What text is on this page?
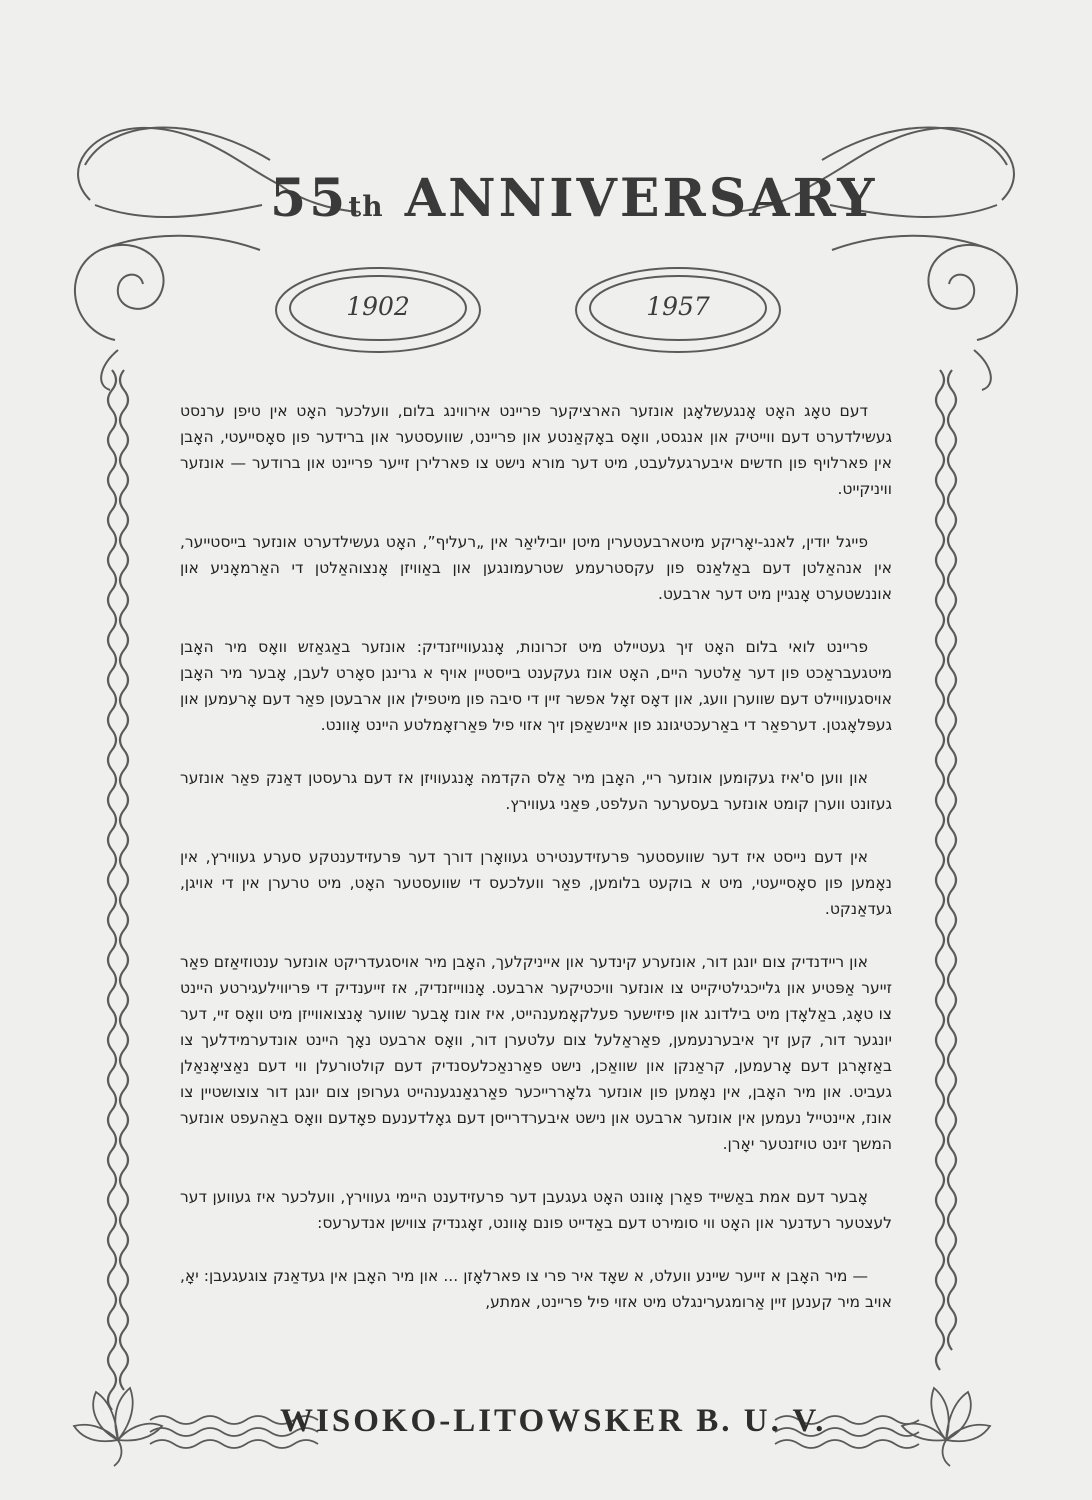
55th ANNIVERSARY
1902	1957

דעם טאָג האָט אָנגעשלאָגן אונזער הארציקער פריינט אירווינג בלום, וועלכער האָט אין טיפן ערנסט געשילדערט דעם ווייטיק און אנגסט, וואָס באָקאַנטע און פריינט, שוועסטער און ברידער פון סאָסייעטי, האָבן אין פארלויף פון חדשים איבערגעלעבט, מיט דער מורא נישט צו פארלירן זייער פריינט און ברודער — אונזער וויניקייט.

פייגל יודין, לאנג-יאָריקע מיטארבעטערין מיטן יוביליאַר אין „רעליף”, האָט געשילדערט אונזער בייסטייער, אין אנהאַלטן דעם באַלאַנס פון עקסטרעמע שטרעמונגען און באַוויזן אָנצוהאַלטן די האַרמאָניע און אוננשטערט אָנגיין מיט דער ארבעט.

פריינט לואי בלום האָט זיך געטיילט מיט זכרונות, אָנגעווייזנדיק: אונזער באַגאַזש וואָס מיר האָבן מיטגעבראַכט פון דער אַלטער היים, האָט אונז געקענט בייסטיין אויף א גרינגן סאָרט לעבן, אָבער מיר האָבן אויסגעוויילט דעם שווערן וועג, און דאָס זאָל אפשר זיין די סיבה פון מיטפילן און ארבעטן פאַר דעם אָרעמען און געפּלאָגטן. דערפאַר די באַרעכטיגונג פון איינשאַפן זיך אזוי פיל פּאַרזאָמלטע היינט אָוונט.

און ווען ס'איז געקומען אונזער ריי, האָבן מיר אַלס הקדמה אָנגעוויזן אז דעם גרעסטן דאַנק פאַר אונזער געזונט ווערן קומט אונזער בעסערער העלפט, פּאַני געווירץ.

אין דעם נייסט איז דער שוועסטער פּרעזידענטירט געוואָרן דורך דער פּרעזידענטקע סערע געווירץ, אין נאָמען פון סאָסייעטי, מיט א בוקעט בלומען, פאַר וועלכעס די שוועסטער האָט, מיט טרערן אין די אויגן, געדאַנקט.

און ריידנדיק צום יונגן דור, אונזערע קינדער און אייניקלעך, האָבן מיר אויסגעדריקט אונזער ענטוזיאַזם פאַר זייער אַפּטיע און גלייכגילטיקייט צו אונזער וויכטיקער ארבעט. אָנווייזנדיק, אז זייענדיק די פּריווילעגירטע היינט צו טאָג, באַלאָדן מיט בילדונג און פיזישער פעלקאָמענהייט, איז אונז אָבער שווער אָנצואווייזן מיט וואָס זיי, דער יונגער דור, קען זיך איבערנעמען, פאַראַלעל צום עלטערן דור, וואָס ארבעט נאָך היינט אונדערמידלעך צו באַזאָרגן דעם אָרעמען, קראַנקן און שוואַכן, נישט פאַרנאַכלעסנדיק דעם קולטורעלן ווי דעם נאַציאָנאַלן געביט. און מיר האָבן, אין נאָמען פון אונזער גלאָררייכער פאַרגאַנגענהייט גערופן צום יונגן דור צוצושטיין צו אונז, איינטייל נעמען אין אונזער ארבעט און נישט איבערדרייסן דעם גאָלדענעם פאָדעם וואָס באַהעפט אונזער המשך זינט טויזנטער יאָרן.

אָבער דעם אמת באַשייד פאַרן אָוונט האָט געגעבן דער פרעזידענט היימי געווירץ, וועלכער איז געווען דער לעצטער רעדנער און האָט ווי סומירט דעם באַדייט פונם אָוונט, זאָגנדיק צווישן אנדערעס:

— מיר האָבן א זייער שיינע וועלט, א שאָד איר פרי צו פארלאָזן ... און מיר האָבן אין געדאַנק צוגעגעבן: יאָ, אויב מיר קענען זיין אַרומגערינגלט מיט אזוי פיל פריינט, אמתע,

WISOKO-LITOWSKER B. U. V.
